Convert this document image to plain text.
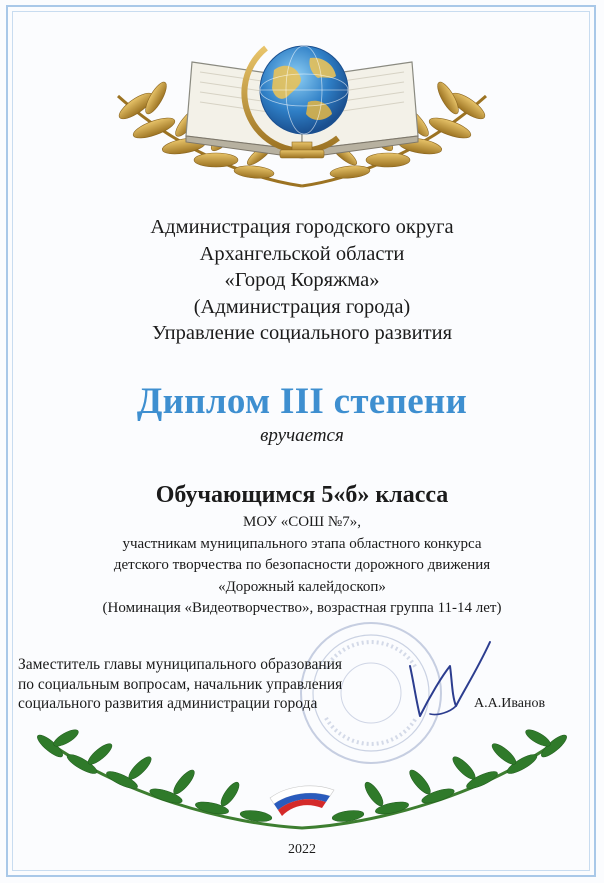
Администрация городского округа
Архангельской области
«Город Коряжма»
(Администрация города)
Управление социального развития
Диплом III степени
вручается
Обучающимся 5«б» класса
МОУ «СОШ №7»,
участникам муниципального этапа областного конкурса
детского творчества по безопасности дорожного движения
«Дорожный калейдоскоп»
(Номинация «Видеотворчество», возрастная группа 11-14 лет)
Заместитель главы муниципального образования
по социальным вопросам, начальник управления
социального развития администрации города	А.А.Иванов
2022
